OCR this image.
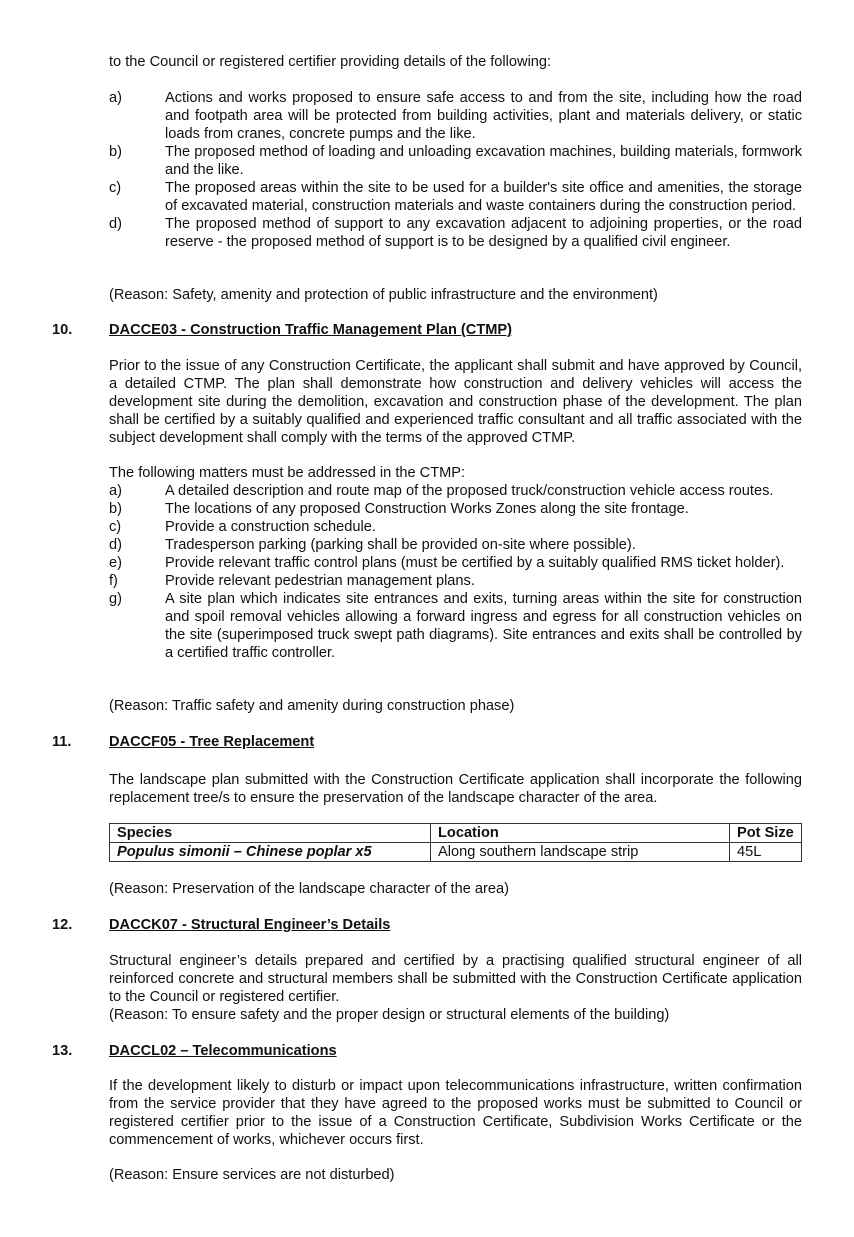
to the Council or registered certifier providing details of the following:

a)	Actions and works proposed to ensure safe access to and from the site, including how the road and footpath area will be protected from building activities, plant and materials delivery, or static loads from cranes, concrete pumps and the like.
b)	The proposed method of loading and unloading excavation machines, building materials, formwork and the like.
c)	The proposed areas within the site to be used for a builder's site office and amenities, the storage of excavated material, construction materials and waste containers during the construction period.
d)	The proposed method of support to any excavation adjacent to adjoining properties, or the road reserve - the proposed method of support is to be designed by a qualified civil engineer.

(Reason: Safety, amenity and protection of public infrastructure and the environment)

10.	DACCE03 - Construction Traffic Management Plan (CTMP)

Prior to the issue of any Construction Certificate, the applicant shall submit and have approved by Council, a detailed CTMP. The plan shall demonstrate how construction and delivery vehicles will access the development site during the demolition, excavation and construction phase of the development. The plan shall be certified by a suitably qualified and experienced traffic consultant and all traffic associated with the subject development shall comply with the terms of the approved CTMP.

The following matters must be addressed in the CTMP:

a)	A detailed description and route map of the proposed truck/construction vehicle access routes.
b)	The locations of any proposed Construction Works Zones along the site frontage.
c)	Provide a construction schedule.
d)	Tradesperson parking (parking shall be provided on-site where possible).
e)	Provide relevant traffic control plans (must be certified by a suitably qualified RMS ticket holder).
f)	Provide relevant pedestrian management plans.
g)	A site plan which indicates site entrances and exits, turning areas within the site for construction and spoil removal vehicles allowing a forward ingress and egress for all construction vehicles on the site (superimposed truck swept path diagrams). Site entrances and exits shall be controlled by a certified traffic controller.

(Reason: Traffic safety and amenity during construction phase)

11.	DACCF05 - Tree Replacement

The landscape plan submitted with the Construction Certificate application shall incorporate the following replacement tree/s to ensure the preservation of the landscape character of the area.

Species	Location	Pot Size
Populus simonii – Chinese poplar x5	Along southern landscape strip	45L

(Reason: Preservation of the landscape character of the area)

12.	DACCK07 - Structural Engineer’s Details

Structural engineer’s details prepared and certified by a practising qualified structural engineer of all reinforced concrete and structural members shall be submitted with the Construction Certificate application to the Council or registered certifier.

(Reason: To ensure safety and the proper design or structural elements of the building)

13.	DACCL02 – Telecommunications

If the development likely to disturb or impact upon telecommunications infrastructure, written confirmation from the service provider that they have agreed to the proposed works must be submitted to Council or registered certifier prior to the issue of a Construction Certificate, Subdivision Works Certificate or the commencement of works, whichever occurs first.

(Reason: Ensure services are not disturbed)
